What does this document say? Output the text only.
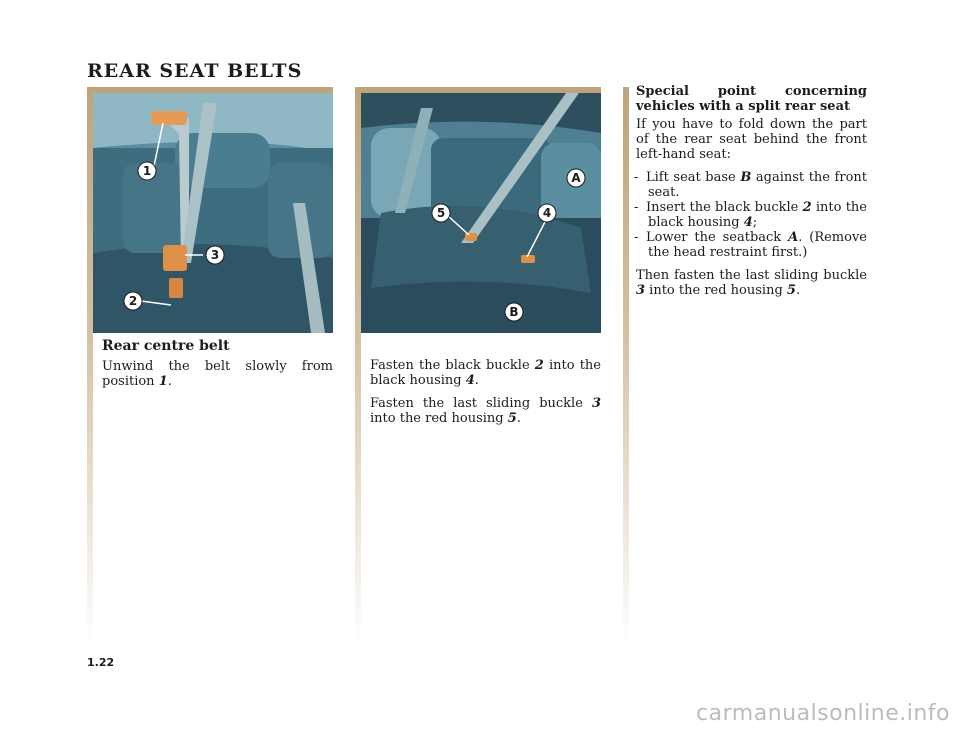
REAR SEAT BELTS
1
3
2
A
4
5
B
Rear centre belt

Unwind the belt slowly from position 1.

Fasten the black buckle 2 into the black housing 4.

Fasten the last sliding buckle 3 into the red housing 5.

Special point concerning vehicles with a split rear seat

If you have to fold down the part of the rear seat behind the front left-hand seat:

- Lift seat base B against the front seat.
- Insert the black buckle 2 into the black housing 4;
- Lower the seatback A. (Remove the head restraint first.)

Then fasten the last sliding buckle 3 into the red housing 5.

1.22
carmanualsonline.info
